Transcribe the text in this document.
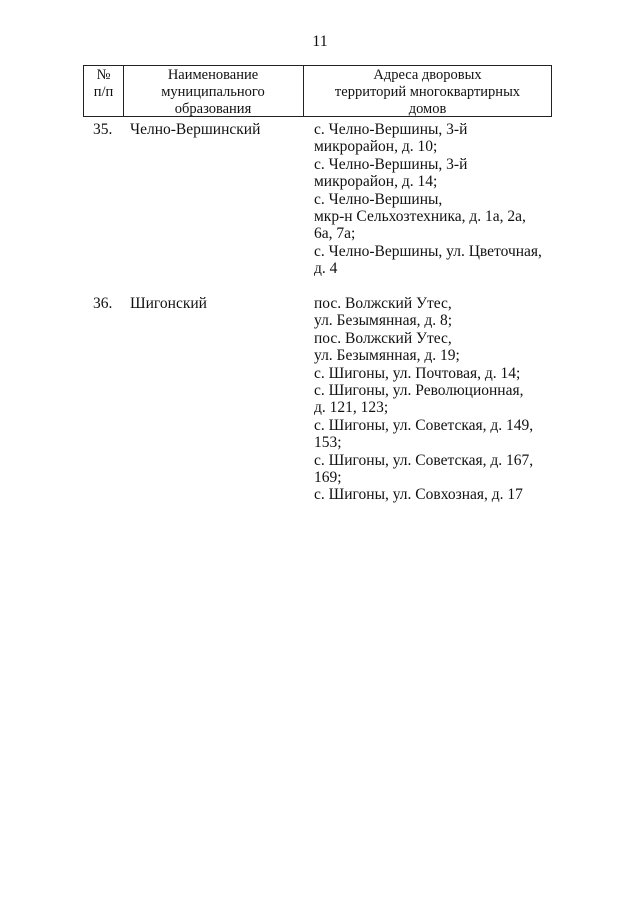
11
№
п/п
Наименование
муниципального
образования
Адреса дворовых
территорий многоквартирных
домов
35. Челно-Вершинский	с. Челно-Вершины, 3-й
микрорайон, д. 10;
с. Челно-Вершины, 3-й
микрорайон, д. 14;
с. Челно-Вершины,
мкр-н Сельхозтехника, д. 1а, 2а,
6а, 7а;
с. Челно-Вершины, ул. Цветочная,
д. 4
36. Шигонский	пос. Волжский Утес,
ул. Безымянная, д. 8;
пос. Волжский Утес,
ул. Безымянная, д. 19;
с. Шигоны, ул. Почтовая, д. 14;
с. Шигоны, ул. Революционная,
д. 121, 123;
с. Шигоны, ул. Советская, д. 149,
153;
с. Шигоны, ул. Советская, д. 167,
169;
с. Шигоны, ул. Совхозная, д. 17
